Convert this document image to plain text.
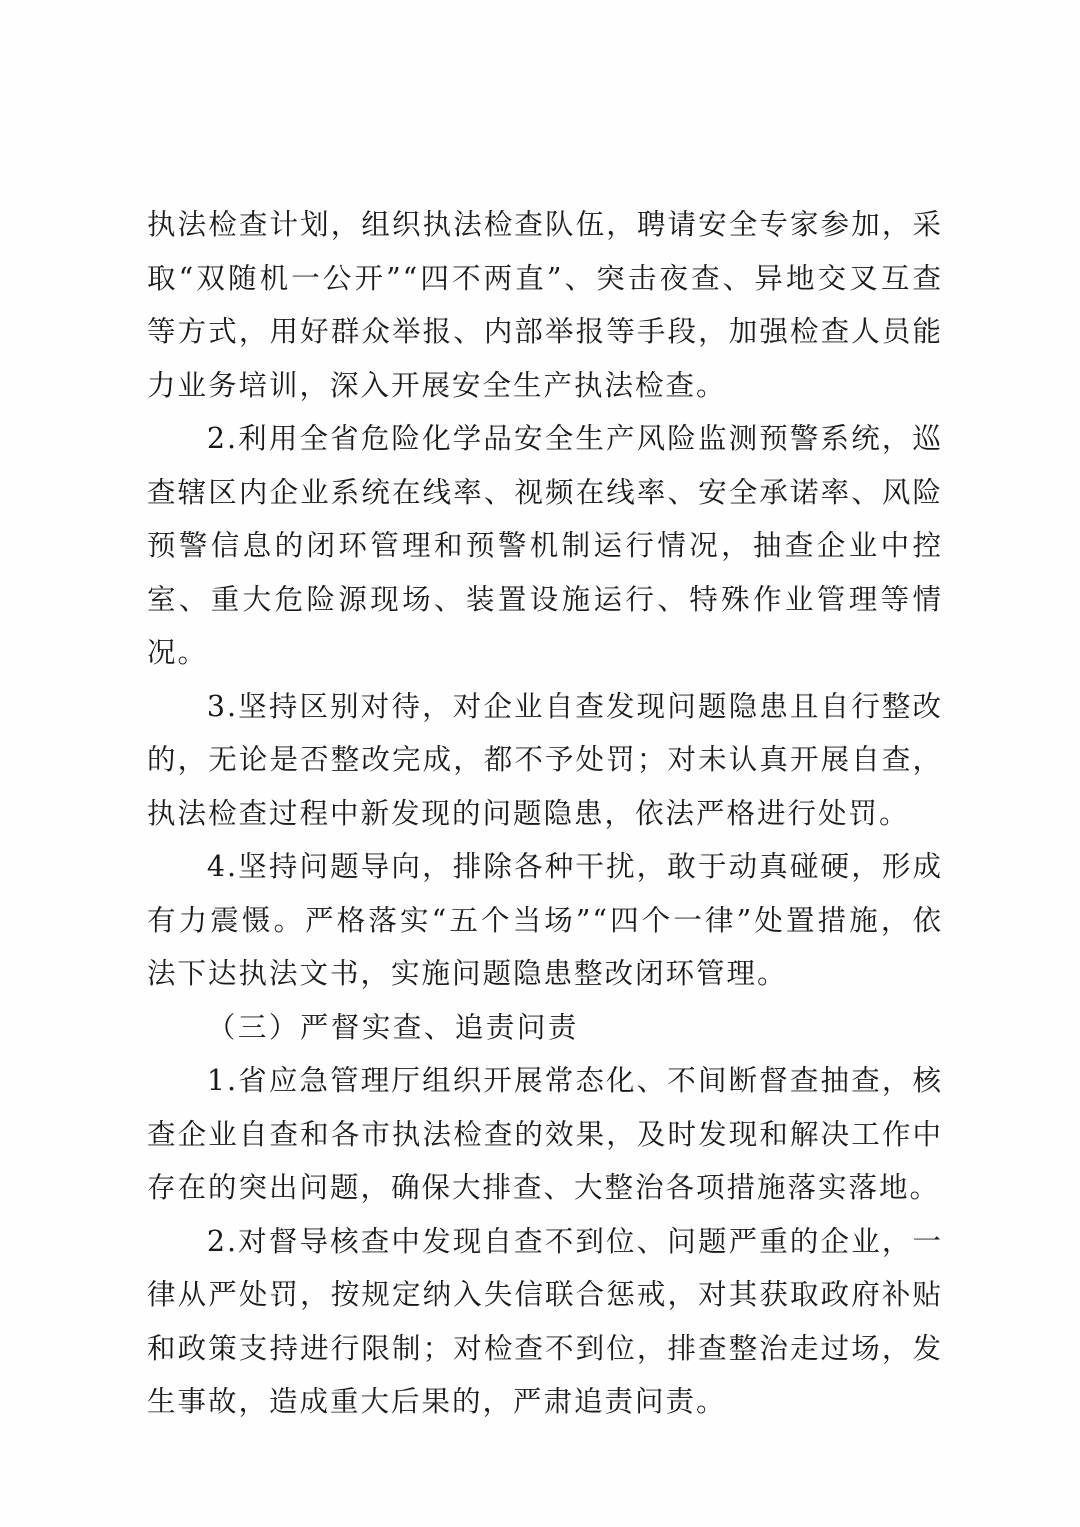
执法检查计划，组织执法检查队伍，聘请安全专家参加，采取“双随机一公开”“四不两直”、突击夜查、异地交叉互查等方式，用好群众举报、内部举报等手段，加强检查人员能力业务培训，深入开展安全生产执法检查。

2.利用全省危险化学品安全生产风险监测预警系统，巡查辖区内企业系统在线率、视频在线率、安全承诺率、风险预警信息的闭环管理和预警机制运行情况，抽查企业中控室、重大危险源现场、装置设施运行、特殊作业管理等情况。

3.坚持区别对待，对企业自查发现问题隐患且自行整改的，无论是否整改完成，都不予处罚；对未认真开展自查，执法检查过程中新发现的问题隐患，依法严格进行处罚。

4.坚持问题导向，排除各种干扰，敢于动真碰硬，形成有力震慑。严格落实“五个当场”“四个一律”处置措施，依法下达执法文书，实施问题隐患整改闭环管理。

（三）严督实查、追责问责

1.省应急管理厅组织开展常态化、不间断督查抽查，核查企业自查和各市执法检查的效果，及时发现和解决工作中存在的突出问题，确保大排查、大整治各项措施落实落地。

2.对督导核查中发现自查不到位、问题严重的企业，一律从严处罚，按规定纳入失信联合惩戒，对其获取政府补贴和政策支持进行限制；对检查不到位，排查整治走过场，发生事故，造成重大后果的，严肃追责问责。
